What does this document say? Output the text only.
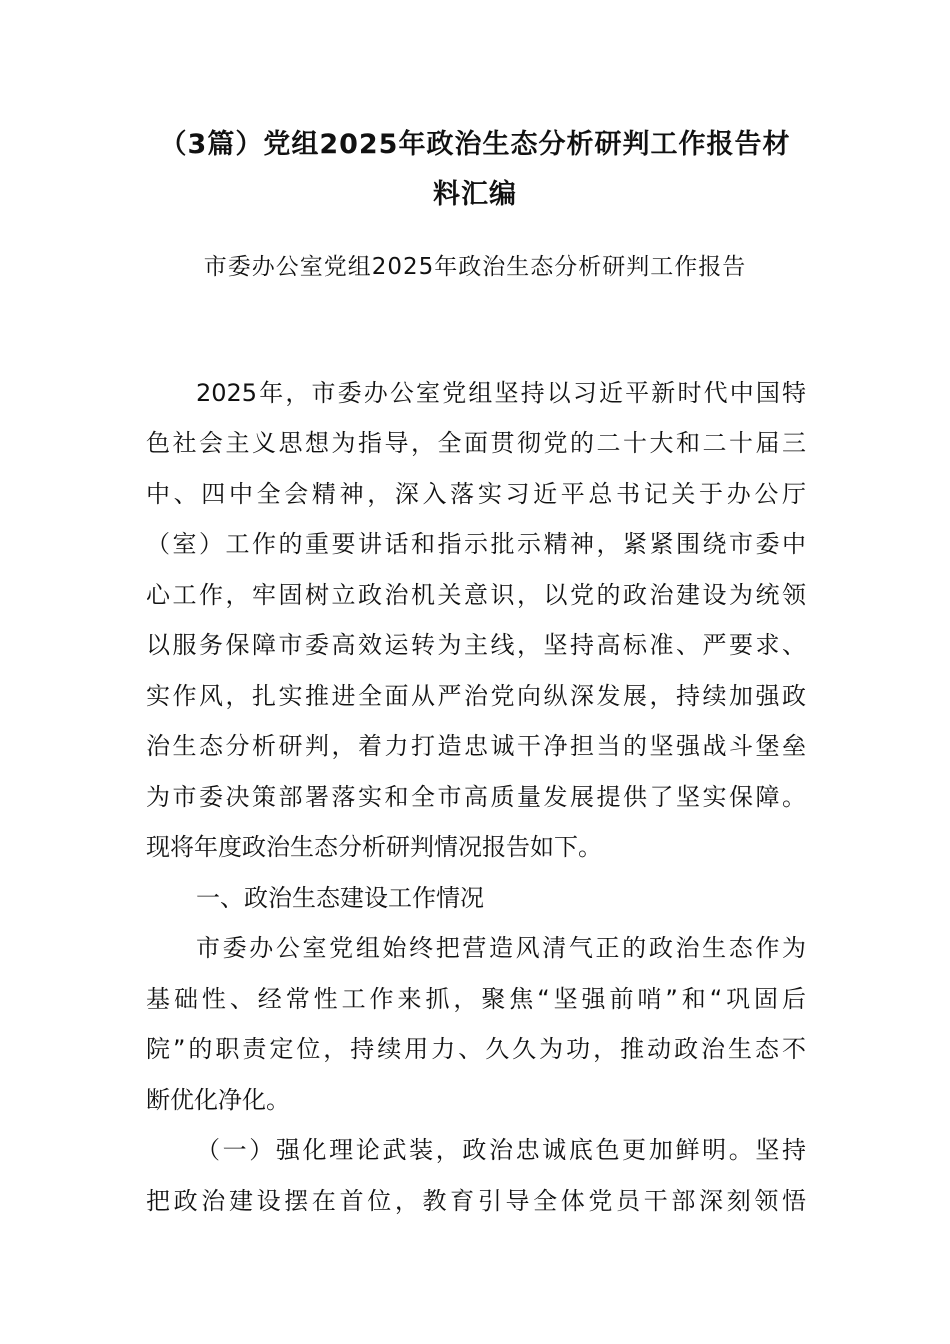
（3篇）党组2025年政治生态分析研判工作报告材
料汇编
市委办公室党组2025年政治生态分析研判工作报告
2025年，市委办公室党组坚持以习近平新时代中国特
色社会主义思想为指导，全面贯彻党的二十大和二十届三
中、四中全会精神，深入落实习近平总书记关于办公厅
（室）工作的重要讲话和指示批示精神，紧紧围绕市委中
心工作，牢固树立政治机关意识，以党的政治建设为统领
以服务保障市委高效运转为主线，坚持高标准、严要求、
实作风，扎实推进全面从严治党向纵深发展，持续加强政
治生态分析研判，着力打造忠诚干净担当的坚强战斗堡垒
为市委决策部署落实和全市高质量发展提供了坚实保障。
现将年度政治生态分析研判情况报告如下。
一、政治生态建设工作情况
市委办公室党组始终把营造风清气正的政治生态作为
基础性、经常性工作来抓，聚焦“坚强前哨”和“巩固后
院”的职责定位，持续用力、久久为功，推动政治生态不
断优化净化。
（一）强化理论武装，政治忠诚底色更加鲜明。坚持
把政治建设摆在首位，教育引导全体党员干部深刻领悟
